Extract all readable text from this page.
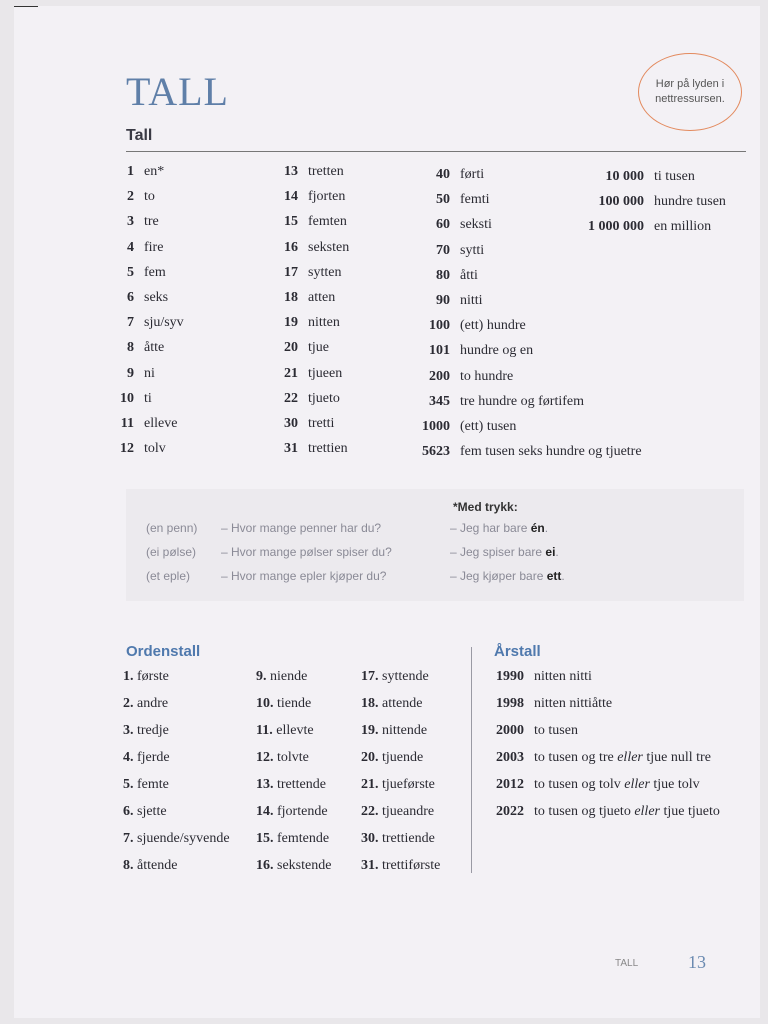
TALL	Hør på lyden i nettressursen.
Tall
1 en*
2 to
3 tre
4 fire
5 fem
6 seks
7 sju/syv
8 åtte
9 ni
10 ti
11 elleve
12 tolv
13 tretten
14 fjorten
15 femten
16 seksten
17 sytten
18 atten
19 nitten
20 tjue
21 tjueen
22 tjueto
30 tretti
31 trettien
40 førti
50 femti
60 seksti
70 sytti
80 åtti
90 nitti
100 (ett) hundre
101 hundre og en
200 to hundre
345 tre hundre og førtifem
1000 (ett) tusen
5623 fem tusen seks hundre og tjuetre
10 000 ti tusen
100 000 hundre tusen
1 000 000 en million
*Med trykk:
(en penn) – Hvor mange penner har du?	– Jeg har bare én.
(ei pølse) – Hvor mange pølser spiser du?	– Jeg spiser bare ei.
(et eple)	– Hvor mange epler kjøper du?	– Jeg kjøper bare ett.
Ordenstall
1. første
2. andre
3. tredje
4. fjerde
5. femte
6. sjette
7. sjuende/syvende
8. åttende
9. niende
10. tiende
11. ellevte
12. tolvte
13. trettende
14. fjortende
15. femtende
16. sekstende
17. syttende
18. attende
19. nittende
20. tjuende
21. tjueførste
22. tjueandre
30. trettiende
31. trettiførste
Årstall
1990 nitten nitti
1998 nitten nittiåtte
2000 to tusen
2003 to tusen og tre eller tjue null tre
2012 to tusen og tolv eller tjue tolv
2022 to tusen og tjueto eller tjue tjueto
TALL	13
